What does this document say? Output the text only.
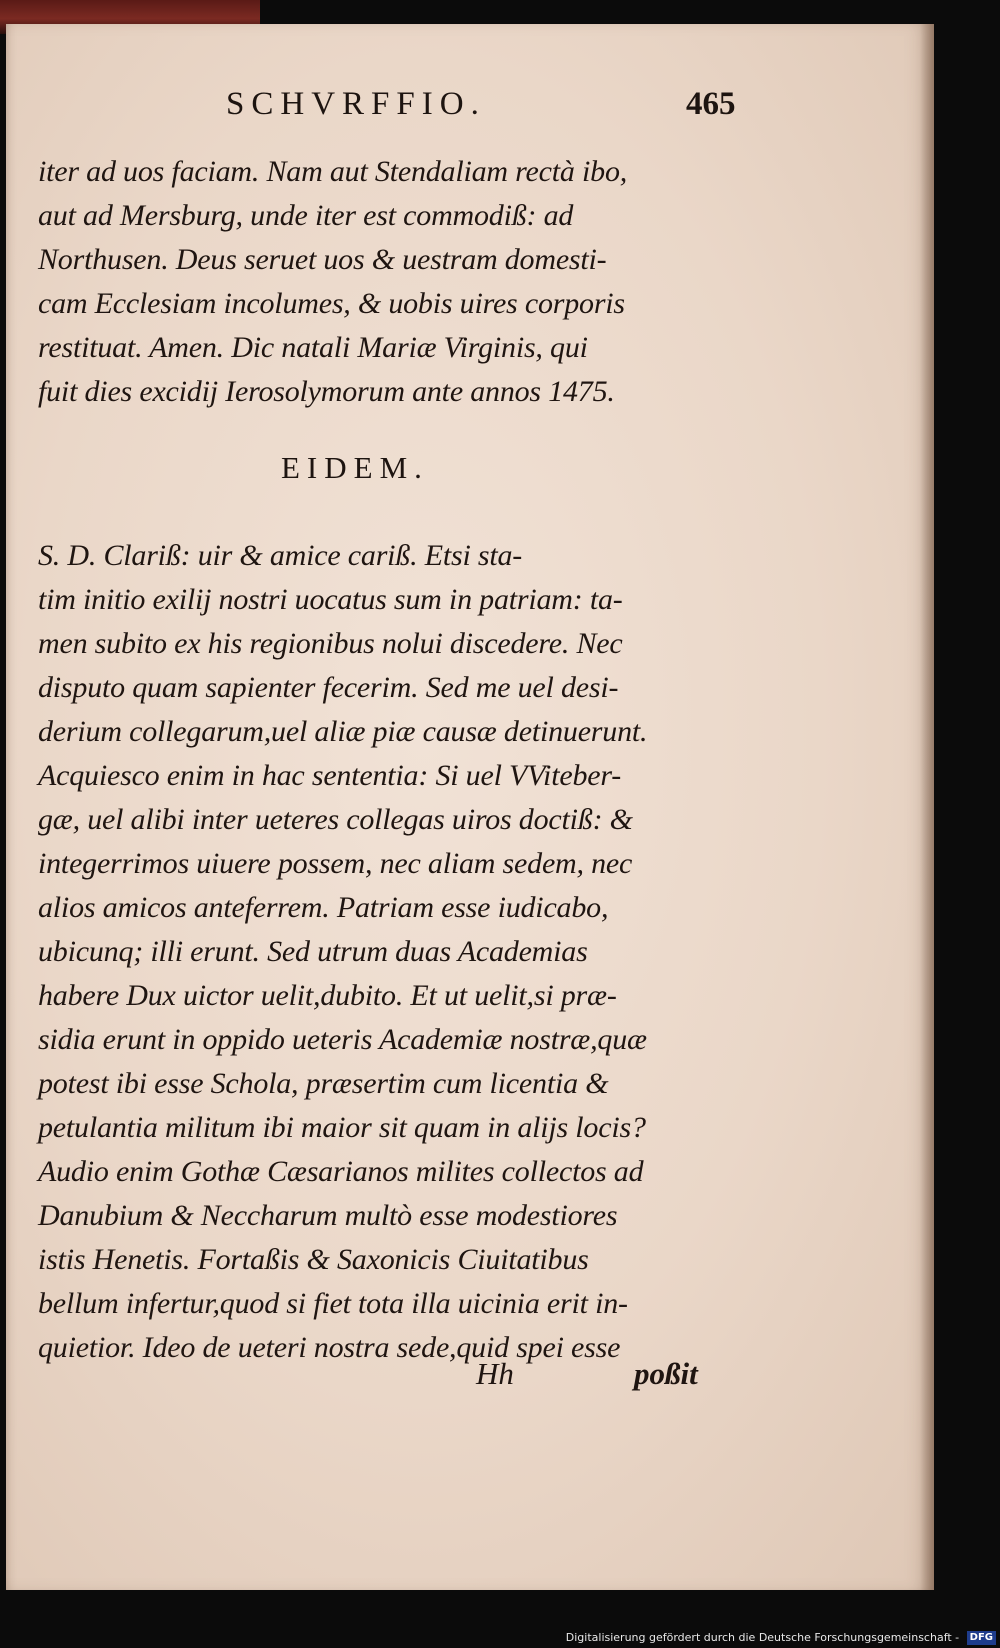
SCHVRFFIO.	465
iter ad uos faciam. Nam aut Stendaliam rectà ibo,
aut ad Mersburg, unde iter est commodiß: ad
Northusen. Deus seruet uos & uestram domesti-
cam Ecclesiam incolumes, & uobis uires corporis
restituat. Amen. Dic natali Mariæ Virginis, qui
fuit dies excidij Ierosolymorum ante annos 1475.
EIDEM.
S. D. Clariß: uir & amice cariß. Etsi sta-
tim initio exilij nostri uocatus sum in patriam: ta-
men subito ex his regionibus nolui discedere. Nec
disputo quam sapienter fecerim. Sed me uel desi-
derium collegarum,uel aliæ piæ causæ detinuerunt.
Acquiesco enim in hac sententia: Si uel VViteber-
gæ, uel alibi inter ueteres collegas uiros doctiß: &
integerrimos uiuere possem, nec aliam sedem, nec
alios amicos anteferrem. Patriam esse iudicabo,
ubicunq; illi erunt. Sed utrum duas Academias
habere Dux uictor uelit,dubito. Et ut uelit,si præ-
sidia erunt in oppido ueteris Academiæ nostræ,quæ
potest ibi esse Schola, præsertim cum licentia &
petulantia militum ibi maior sit quam in alijs locis?
Audio enim Gothæ Cæsarianos milites collectos ad
Danubium & Neccharum multò esse modestiores
istis Henetis. Fortaßis & Saxonicis Ciuitatibus
bellum infertur,quod si fiet tota illa uicinia erit in-
quietior. Ideo de ueteri nostra sede,quid spei esse
Hh	poßit
Digitalisierung gefördert durch die Deutsche Forschungsgemeinschaft - DFG
